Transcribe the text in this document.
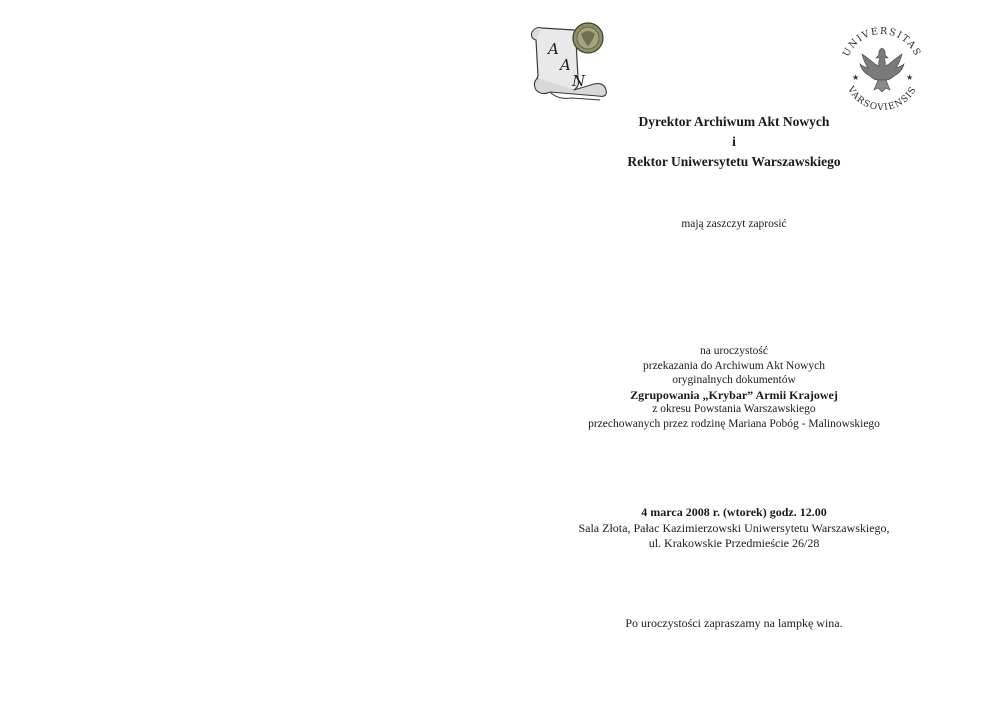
A
A
N
UNIVERSITAS
VARSOVIENSIS
★	★
Dyrektor Archiwum Akt Nowych
i
Rektor Uniwersytetu Warszawskiego
mają zaszczyt zaprosić
na uroczystość
przekazania do Archiwum Akt Nowych
oryginalnych dokumentów
Zgrupowania „Krybar” Armii Krajowej
z okresu Powstania Warszawskiego
przechowanych przez rodzinę Mariana Pobóg - Malinowskiego
4 marca 2008 r. (wtorek) godz. 12.00
Sala Złota, Pałac Kazimierzowski Uniwersytetu Warszawskiego,
ul. Krakowskie Przedmieście 26/28
Po uroczystości zapraszamy na lampkę wina.
